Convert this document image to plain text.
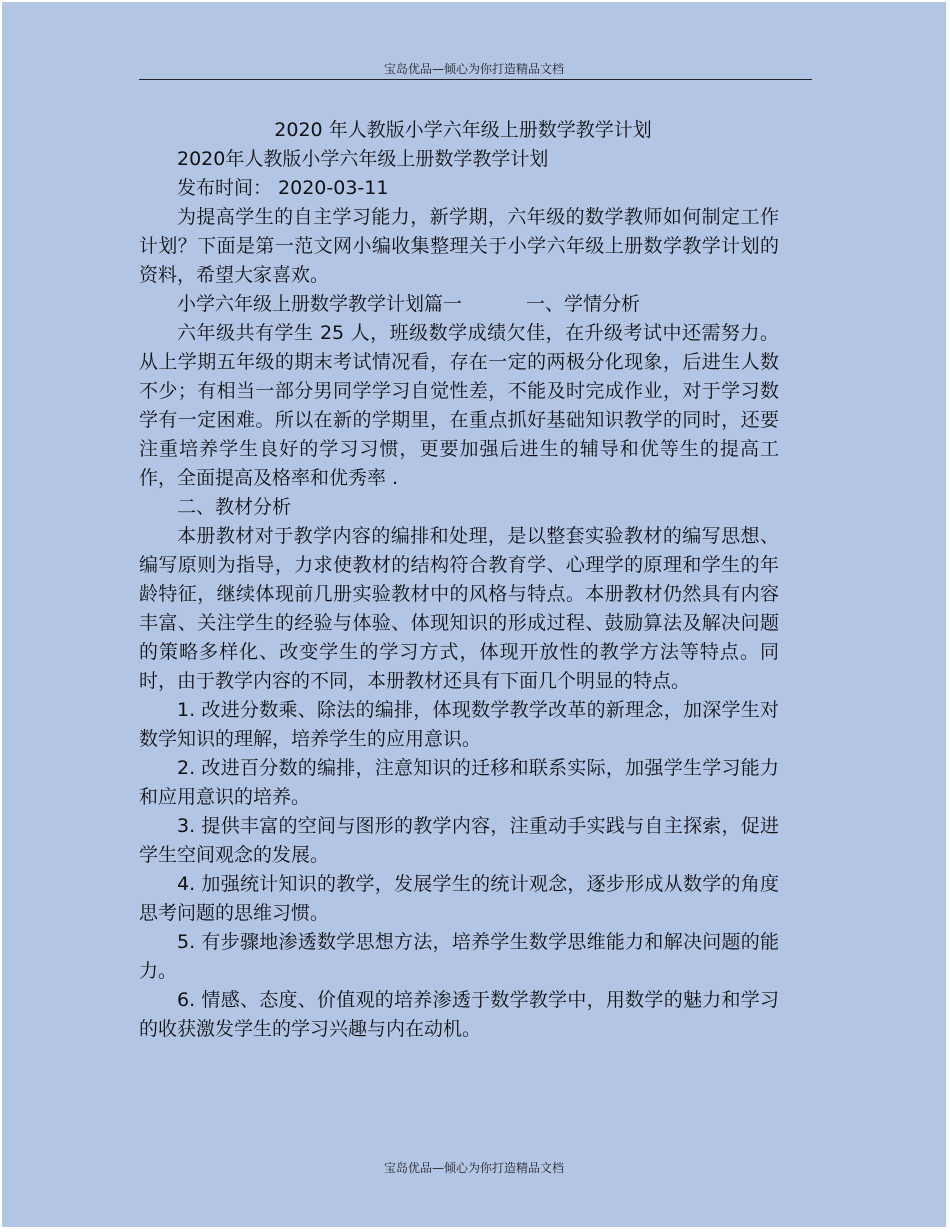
宝岛优品—倾心为你打造精品文档

2020 年人教版小学六年级上册数学教学计划

2020年人教版小学六年级上册数学教学计划

发布时间： 2020-03-11

为提高学生的自主学习能力，新学期，六年级的数学教师如何制定工作计划？下面是第一范文网小编收集整理关于小学六年级上册数学教学计划的资料，希望大家喜欢。

小学六年级上册数学教学计划篇一	一、学情分析

六年级共有学生 25 人，班级数学成绩欠佳，在升级考试中还需努力。从上学期五年级的期末考试情况看，存在一定的两极分化现象，后进生人数不少；有相当一部分男同学学习自觉性差，不能及时完成作业，对于学习数学有一定困难。所以在新的学期里，在重点抓好基础知识教学的同时，还要注重培养学生良好的学习习惯，更要加强后进生的辅导和优等生的提高工作，全面提高及格率和优秀率 .

二、教材分析

本册教材对于教学内容的编排和处理，是以整套实验教材的编写思想、编写原则为指导，力求使教材的结构符合教育学、心理学的原理和学生的年龄特征，继续体现前几册实验教材中的风格与特点。本册教材仍然具有内容丰富、关注学生的经验与体验、体现知识的形成过程、鼓励算法及解决问题的策略多样化、改变学生的学习方式，体现开放性的教学方法等特点。同时，由于教学内容的不同，本册教材还具有下面几个明显的特点。

1. 改进分数乘、除法的编排，体现数学教学改革的新理念，加深学生对数学知识的理解，培养学生的应用意识。

2. 改进百分数的编排，注意知识的迁移和联系实际，加强学生学习能力和应用意识的培养。

3. 提供丰富的空间与图形的教学内容，注重动手实践与自主探索，促进学生空间观念的发展。

4. 加强统计知识的教学，发展学生的统计观念，逐步形成从数学的角度思考问题的思维习惯。

5. 有步骤地渗透数学思想方法，培养学生数学思维能力和解决问题的能力。

6. 情感、态度、价值观的培养渗透于数学教学中，用数学的魅力和学习的收获激发学生的学习兴趣与内在动机。

宝岛优品—倾心为你打造精品文档
